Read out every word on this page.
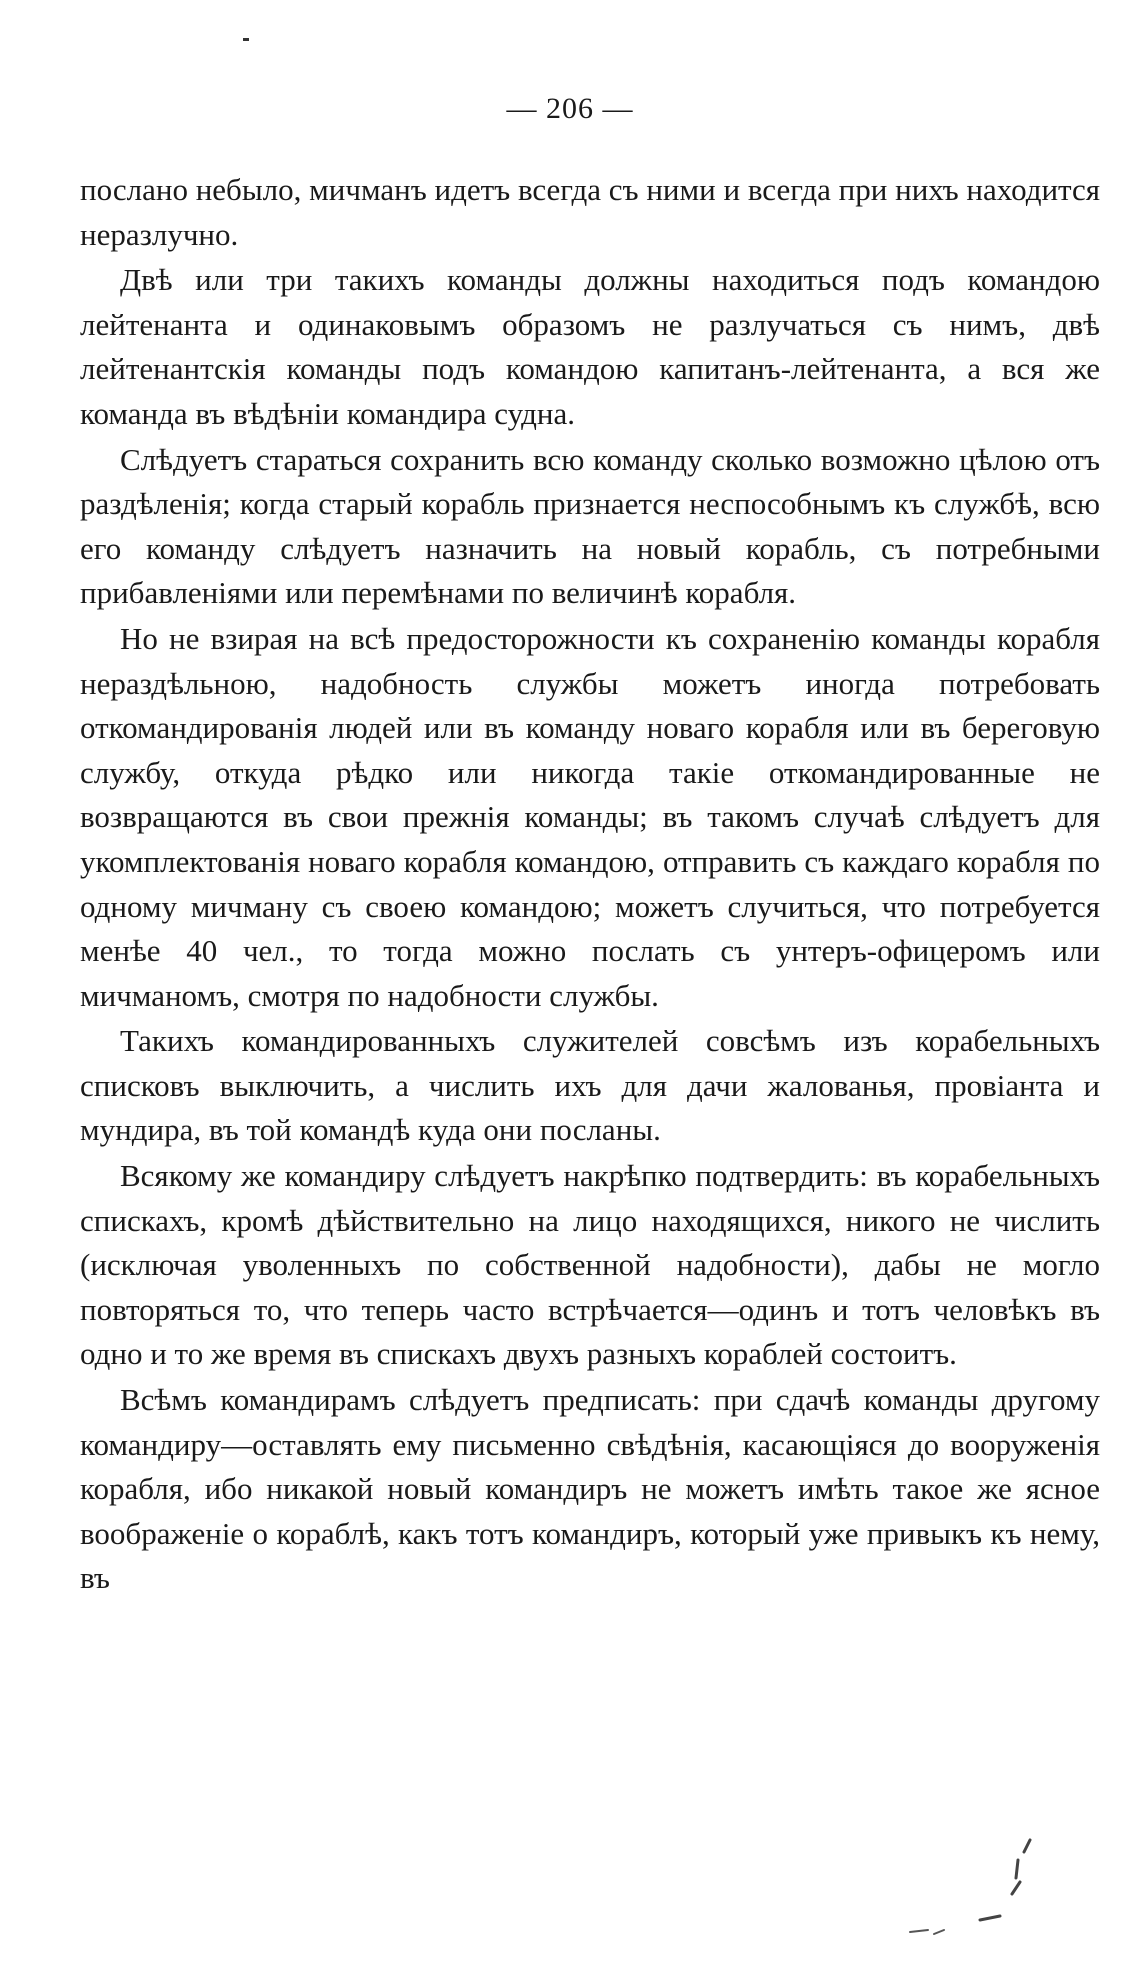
— 206 —

послано небыло, мичманъ идетъ всегда съ ними и всегда при нихъ находится неразлучно.

Двѣ или три такихъ команды должны находиться подъ командою лейтенанта и одинаковымъ образомъ не разлучаться съ нимъ, двѣ лейтенантскія команды подъ командою капитанъ-лейтенанта, а вся же команда въ вѣдѣніи командира судна.

Слѣдуетъ стараться сохранить всю команду сколько возможно цѣлою отъ раздѣленія; когда старый корабль признается неспособнымъ къ службѣ, всю его команду слѣдуетъ назначить на новый корабль, съ потребными прибавленіями или перемѣнами по величинѣ корабля.

Но не взирая на всѣ предосторожности къ сохраненію команды корабля нераздѣльною, надобность службы можетъ иногда потребовать откомандированія людей или въ команду новаго корабля или въ береговую службу, откуда рѣдко или никогда такіе откомандированные не возвращаются въ свои прежнія команды; въ такомъ случаѣ слѣдуетъ для укомплектованія новаго корабля командою, отправить съ каждаго корабля по одному мичману съ своею командою; можетъ случиться, что потребуется менѣе 40 чел., то тогда можно послать съ унтеръ-офицеромъ или мичманомъ, смотря по надобности службы.

Такихъ командированныхъ служителей совсѣмъ изъ корабельныхъ списковъ выключить, а числить ихъ для дачи жалованья, провіанта и мундира, въ той командѣ куда они посланы.

Всякому же командиру слѣдуетъ накрѣпко подтвердить: въ корабельныхъ спискахъ, кромѣ дѣйствительно на лицо находящихся, никого не числить (исключая уволенныхъ по собственной надобности), дабы не могло повторяться то, что теперь часто встрѣчается—одинъ и тотъ человѣкъ въ одно и то же время въ спискахъ двухъ разныхъ кораблей состоитъ.

Всѣмъ командирамъ слѣдуетъ предписать: при сдачѣ команды другому командиру—оставлять ему письменно свѣдѣнія, касающіяся до вооруженія корабля, ибо никакой новый командиръ не можетъ имѣть такое же ясное воображеніе о кораблѣ, какъ тотъ командиръ, который уже привыкъ къ нему, въ
